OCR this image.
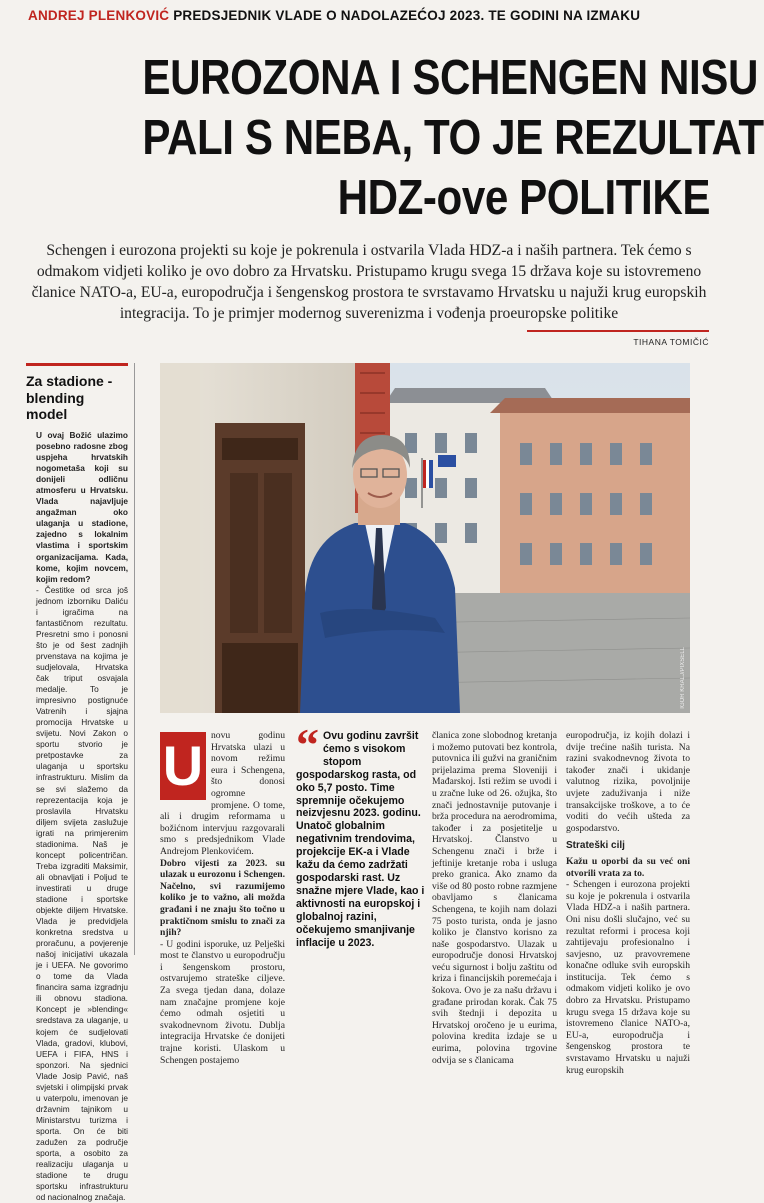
ANDREJ PLENKOVIĆ PREDSJEDNIK VLADE O NADOLAZEĆOJ 2023. TE GODINI NA IZMAKU
EUROZONA I SCHENGEN NISU
PALI S NEBA, TO JE REZULTAT
HDZ-ove POLITIKE
Schengen i eurozona projekti su koje je pokrenula i ostvarila Vlada HDZ-a i naših partnera. Tek ćemo s odmakom vidjeti koliko je ovo dobro za Hrvatsku. Pristupamo krugu svega 15 država koje su istovremeno članice NATO-a, EU-a, europodručja i šengenskog prostora te svrstavamo Hrvatsku u najuži krug europskih integracija. To je primjer modernog suverenizma i vođenja proeuropske politike
TIHANA TOMIČIĆ
Za stadione - blending model

U ovaj Božić ulazimo posebno radosne zbog uspjeha hrvatskih nogometaša koji su donijeli odličnu atmosferu u Hrvatsku. Vlada najavljuje angažman oko ulaganja u stadione, zajedno s lokalnim vlastima i sportskim organizacijama. Kada, kome, kojim novcem, kojim redom?

- Čestitke od srca još jednom izborniku Daliću i igračima na fantastičnom rezultatu. Presretni smo i ponosni što je od šest zadnjih prvenstava na kojima je sudjelovala, Hrvatska čak triput osvajala medalje. To je impresivno postignuće Vatrenih i sjajna promocija Hrvatske u svijetu. Novi Zakon o sportu stvorio je pretpostavke za ulaganja u sportsku infrastrukturu. Mislim da se svi slažemo da reprezentacija koja je proslavila Hrvatsku diljem svijeta zaslužuje igrati na primjerenim stadionima. Naš je koncept policentričan. Treba izgraditi Maksimir, ali obnavljati i Poljud te investirati u druge stadione i sportske objekte diljem Hrvatske. Vlada je predvidjela konkretna sredstva u proračunu, a povjerenje našoj inicijativi ukazala je i UEFA. Ne govorimo o tome da Vlada financira sama izgradnju ili obnovu stadiona. Koncept je »blending« sredstava za ulaganje, u kojem će sudjelovati Vlada, gradovi, klubovi, UEFA i FIFA, HNS i sponzori. Na sjednici Vlade Josip Pavić, naš svjetski i olimpijski prvak u vaterpolu, imenovan je državnim tajnikom u Ministarstvu turizma i sporta. On će biti zadužen za područje sporta, a osobito za realizaciju ulaganja u stadione te drugu sportsku infrastrukturu od nacionalnog značaja.

IGOR KRALJ/PIXSELL
U novu godinu Hrvatska ulazi u novom režimu eura i Schengena, što donosi ogromne promjene. O tome, ali i drugim reformama u božićnom intervjuu razgovarali smo s predsjednikom Vlade Andrejom Plenkovićem.

Dobro vijesti za 2023. su ulazak u eurozonu i Schengen. Načelno, svi razumijemo koliko je to važno, ali možda građani i ne znaju što točno u praktičnom smislu to znači za njih?

- U godini isporuke, uz Pelješki most te članstvo u europodručju i šengenskom prostoru, ostvarujemo strateške ciljeve. Za svega tjedan dana, dolaze nam značajne promjene koje ćemo odmah osjetiti u svakodnevnom životu. Dublja integracija Hrvatske će donijeti trajne koristi. Ulaskom u Schengen postajemo

“ Ovu godinu završit ćemo s visokom stopom gospodarskog rasta, od oko 5,7 posto. Time spremnije očekujemo neizvjesnu 2023. godinu. Unatoč globalnim negativnim trendovima, projekcije EK-a i Vlade kažu da ćemo zadržati gospodarski rast. Uz snažne mjere Vlade, kao i aktivnosti na europskoj i globalnoj razini, očekujemo smanjivanje inflacije u 2023.

članica zone slobodnog kretanja i možemo putovati bez kontrola, putovnica ili gužvi na graničnim prijelazima prema Sloveniji i Mađarskoj. Isti režim se uvodi i u zračne luke od 26. ožujka, što znači jednostavnije putovanje i brža procedura na aerodromima, također i za posjetitelje u Hrvatskoj. Članstvo u Schengenu znači i brže i jeftinije kretanje roba i usluga preko granica. Ako znamo da više od 80 posto robne razmjene obavljamo s članicama Schengena, te kojih nam dolazi 75 posto turista, onda je jasno koliko je članstvo korisno za naše gospodarstvo. Ulazak u europodručje donosi Hrvatskoj veću sigurnost i bolju zaštitu od kriza i financijskih poremećaja i šokova. Ovo je za našu državu i građane prirodan korak. Čak 75 svih štednji i depozita u Hrvatskoj oročeno je u eurima, polovina kredita izdaje se u eurima, polovina trgovine odvija se s članicama

europodručja, iz kojih dolazi i dvije trećine naših turista. Na razini svakodnevnog života to također znači i ukidanje valutnog rizika, povoljnije uvjete zaduživanja i niže transakcijske troškove, a to će voditi do većih ušteda za gospodarstvo.

Strateški cilj

Kažu u oporbi da su već oni otvorili vrata za to.

- Schengen i eurozona projekti su koje je pokrenula i ostvarila Vlada HDZ-a i naših partnera. Oni nisu došli slučajno, već su rezultat reformi i procesa koji zahtijevaju profesionalno i savjesno, uz pravovremene konačne odluke svih europskih institucija. Tek ćemo s odmakom vidjeti koliko je ovo dobro za Hrvatsku. Pristupamo krugu svega 15 država koje su istovremeno članice NATO-a, EU-a, europodručja i šengenskog prostora te svrstavamo Hrvatsku u najuži krug europskih
